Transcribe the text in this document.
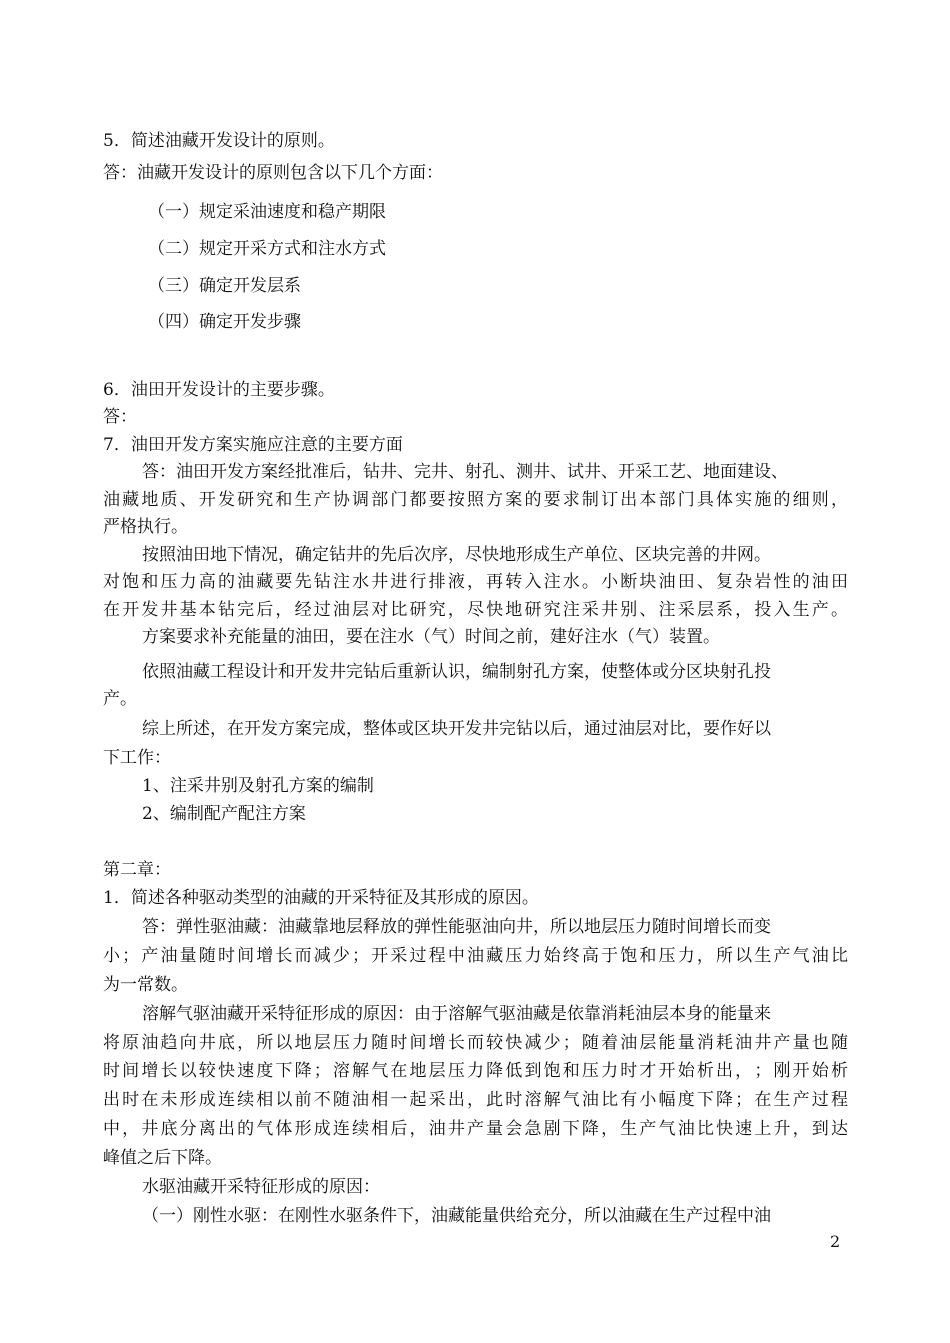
5．简述油藏开发设计的原则。
答：油藏开发设计的原则包含以下几个方面：
（一）规定采油速度和稳产期限
（二）规定开采方式和注水方式
（三）确定开发层系
（四）确定开发步骤
6．油田开发设计的主要步骤。
答：
7．油田开发方案实施应注意的主要方面
答：油田开发方案经批准后，钻井、完井、射孔、测井、试井、开采工艺、地面建设、
油 藏 地 质 、 开 发 研 究 和 生 产 协 调 部 门 都 要 按 照 方 案 的 要 求 制 订 出 本 部 门 具 体 实 施 的 细 则 ，
严格执行。
按照油田地下情况，确定钻井的先后次序，尽快地形成生产单位、区块完善的井网。
对 饱 和 压 力 高 的 油 藏 要 先 钻 注 水 井 进 行 排 液 ， 再 转 入 注 水 。 小 断 块 油 田 、 复 杂 岩 性 的 油 田
在 开 发 井 基 本 钻 完 后 ， 经 过 油 层 对 比 研 究 ， 尽 快 地 研 究 注 采 井 别 、 注 采 层 系 ， 投 入 生 产 。
方案要求补充能量的油田，要在注水（气）时间之前，建好注水（气）装置。
依照油藏工程设计和开发井完钻后重新认识，编制射孔方案，使整体或分区块射孔投
产。
综上所述，在开发方案完成，整体或区块开发井完钻以后，通过油层对比，要作好以
下工作：
1、注采井别及射孔方案的编制
2、编制配产配注方案
第二章：
1．简述各种驱动类型的油藏的开采特征及其形成的原因。
答：弹性驱油藏：油藏靠地层释放的弹性能驱油向井，所以地层压力随时间增长而变
小 ； 产 油 量 随 时 间 增 长 而 减 少 ； 开 采 过 程 中 油 藏 压 力 始 终 高 于 饱 和 压 力 ， 所 以 生 产 气 油 比
为一常数。
溶解气驱油藏开采特征形成的原因：由于溶解气驱油藏是依靠消耗油层本身的能量来
将 原 油 趋 向 井 底 ， 所 以 地 层 压 力 随 时 间 增 长 而 较 快 减 少 ； 随 着 油 层 能 量 消 耗 油 井 产 量 也 随
时 间 增 长 以 较 快 速 度 下 降 ； 溶 解 气 在 地 层 压 力 降 低 到 饱 和 压 力 时 才 开 始 析 出 ， ； 刚 开 始 析
出 时 在 未 形 成 连 续 相 以 前 不 随 油 相 一 起 采 出 ， 此 时 溶 解 气 油 比 有 小 幅 度 下 降 ； 在 生 产 过 程
中 ， 井 底 分 离 出 的 气 体 形 成 连 续 相 后 ， 油 井 产 量 会 急 剧 下 降 ， 生 产 气 油 比 快 速 上 升 ， 到 达
峰值之后下降。
水驱油藏开采特征形成的原因：
（一）刚性水驱：在刚性水驱条件下，油藏能量供给充分，所以油藏在生产过程中油
2
